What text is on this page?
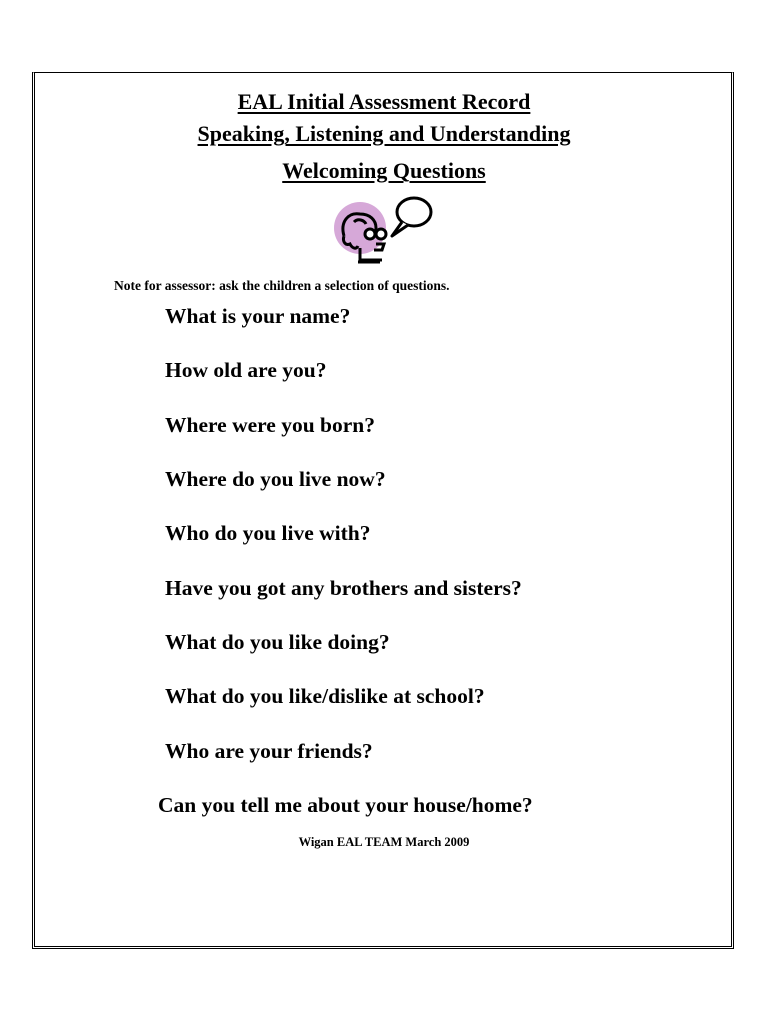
EAL Initial Assessment Record
Speaking, Listening and Understanding
Welcoming Questions
Note for assessor: ask the children a selection of questions.
What is your name?
How old are you?
Where were you born?
Where do you live now?
Who do you live with?
Have you got any brothers and sisters?
What do you like doing?
What do you like/dislike at school?
Who are your friends?
Can you tell me about your house/home?
Wigan EAL TEAM March 2009
